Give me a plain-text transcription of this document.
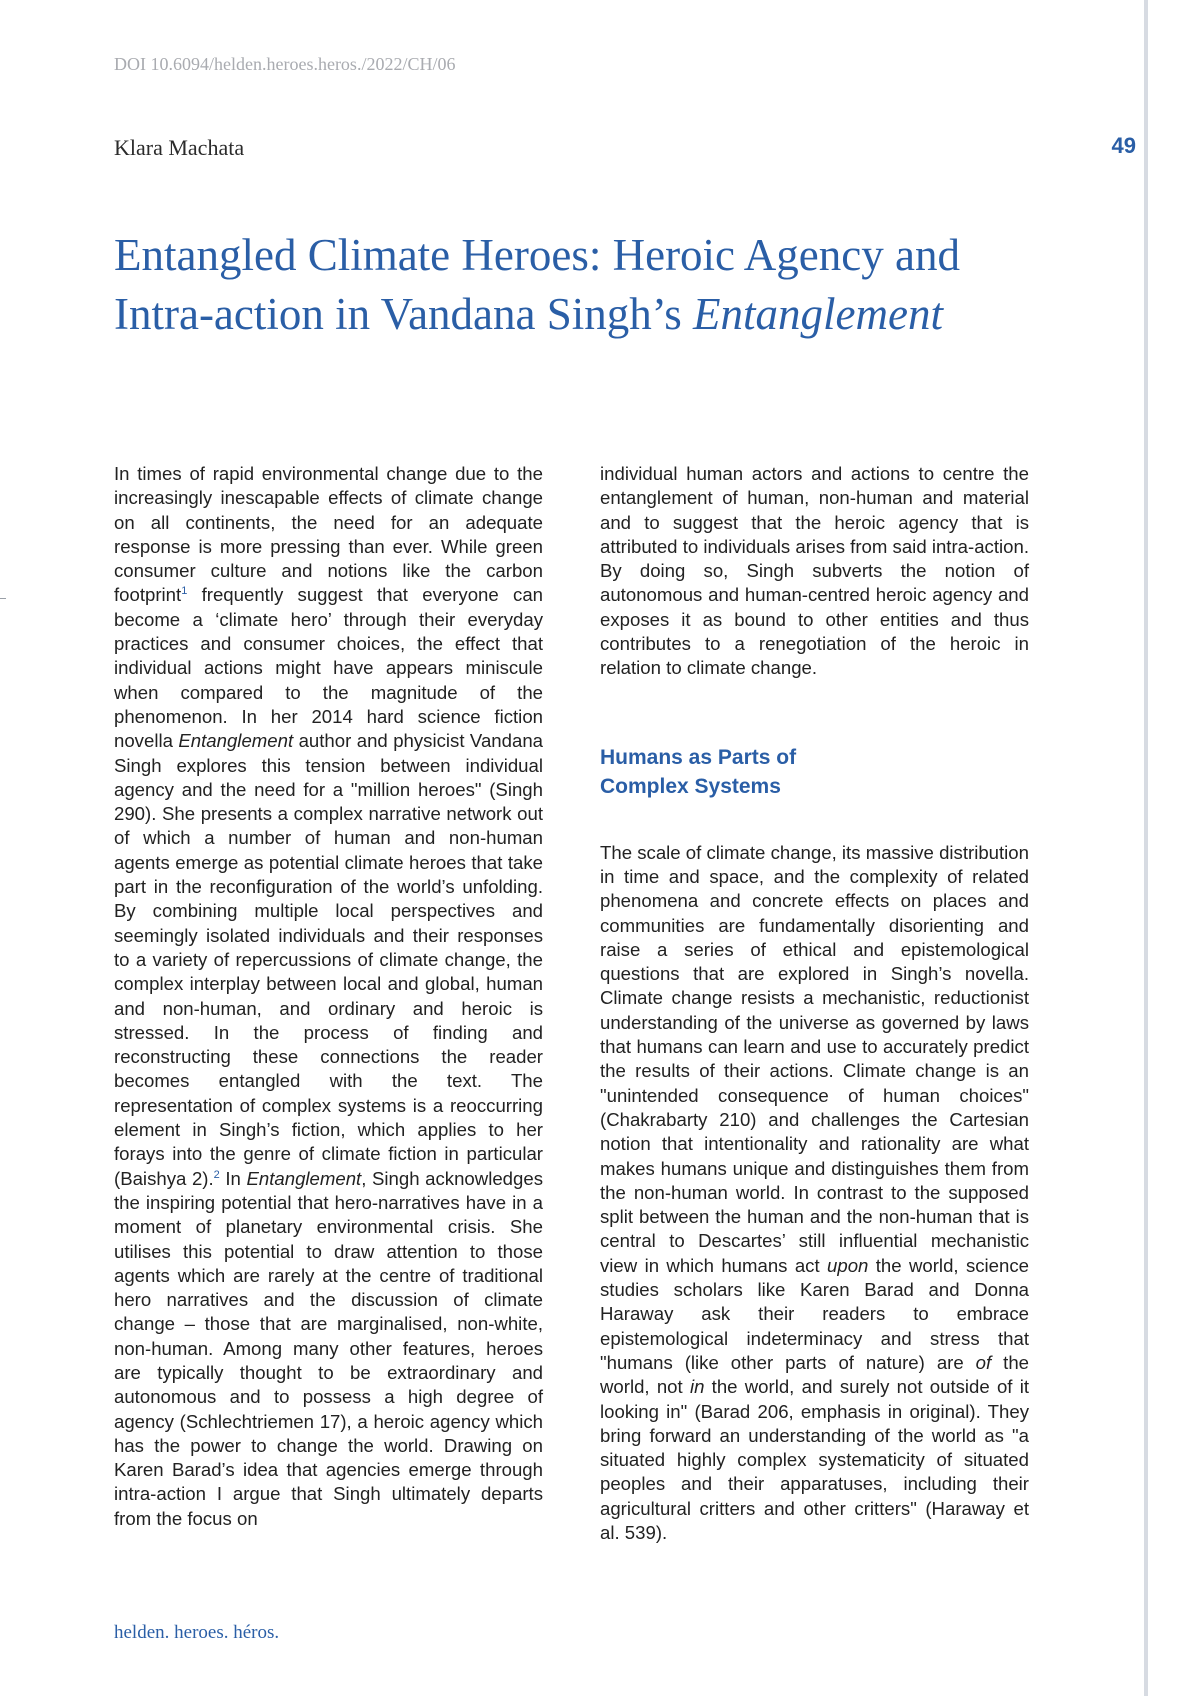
DOI 10.6094/helden.heroes.heros./2022/CH/06
Klara Machata	49
Entangled Climate Heroes: Heroic Agency and
Intra-action in Vandana Singh’s Entanglement

In times of rapid environmental change due to the increasingly inescapable effects of climate change on all continents, the need for an adequate response is more pressing than ever. While green consumer culture and notions like the carbon footprint$^1$ frequently suggest that everyone can become a ‘climate hero’ through their everyday practices and consumer choices, the effect that individual actions might have appears miniscule when compared to the magnitude of the phenomenon. In her 2014 hard science fiction novella Entanglement author and physicist Vandana Singh explores this tension between individual agency and the need for a "million heroes" (Singh 290). She presents a complex narrative network out of which a number of human and non-human agents emerge as potential climate heroes that take part in the reconfiguration of the world’s unfolding. By combining multiple local perspectives and seemingly isolated individuals and their responses to a variety of repercussions of climate change, the complex interplay between local and global, human and non-human, and ordinary and heroic is stressed. In the process of finding and reconstructing these connections the reader becomes entangled with the text. The representation of complex systems is a reoccurring element in Singh’s fiction, which applies to her forays into the genre of climate fiction in particular (Baishya 2).$^2$ In Entanglement, Singh acknowledges the inspiring potential that hero-narratives have in a moment of planetary environmental crisis. She utilises this potential to draw attention to those agents which are rarely at the centre of traditional hero narratives and the discussion of climate change – those that are marginalised, non-white, non-human. Among many other features, heroes are typically thought to be extraordinary and autonomous and to possess a high degree of agency (Schlechtriemen 17), a heroic agency which has the power to change the world. Drawing on Karen Barad’s idea that agencies emerge through intra-action I argue that Singh ultimately departs from the focus on

individual human actors and actions to centre the entanglement of human, non-human and material and to suggest that the heroic agency that is attributed to individuals arises from said intra-action. By doing so, Singh subverts the notion of autonomous and human-centred heroic agency and exposes it as bound to other entities and thus contributes to a renegotiation of the heroic in relation to climate change.

Humans as Parts of
Complex Systems

The scale of climate change, its massive distribution in time and space, and the complexity of related phenomena and concrete effects on places and communities are fundamentally disorienting and raise a series of ethical and epistemological questions that are explored in Singh’s novella. Climate change resists a mechanistic, reductionist understanding of the universe as governed by laws that humans can learn and use to accurately predict the results of their actions. Climate change is an "unintended consequence of human choices" (Chakrabarty 210) and challenges the Cartesian notion that intentionality and rationality are what makes humans unique and distinguishes them from the non-human world. In contrast to the supposed split between the human and the non-human that is central to Descartes’ still influential mechanistic view in which humans act upon the world, science studies scholars like Karen Barad and Donna Haraway ask their readers to embrace epistemological indeterminacy and stress that "humans (like other parts of nature) are of the world, not in the world, and surely not outside of it looking in" (Barad 206, emphasis in original). They bring forward an understanding of the world as "a situated highly complex systematicity of situated peoples and their apparatuses, including their agricultural critters and other critters" (Haraway et al. 539).

helden. heroes. héros.
